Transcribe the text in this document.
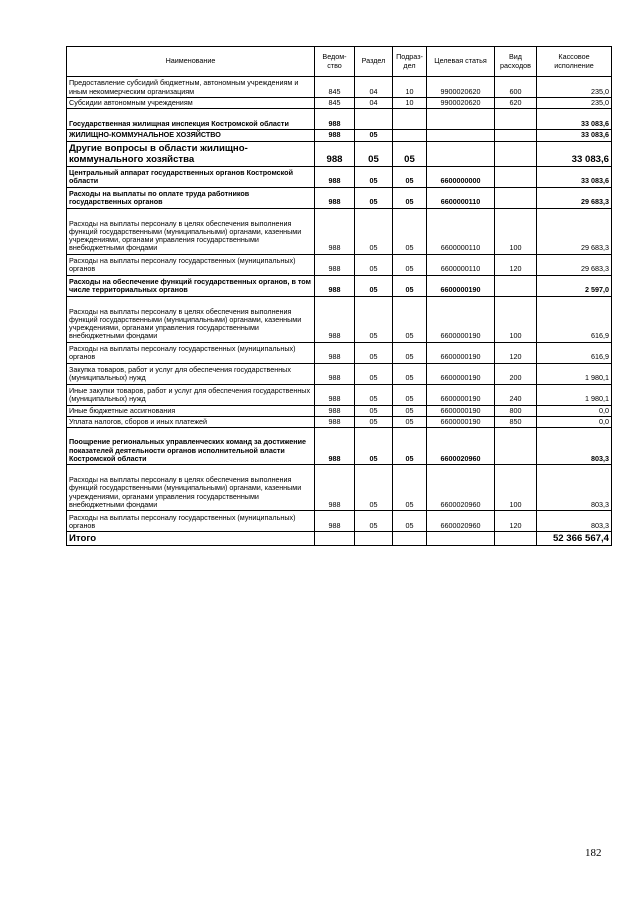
Наименование	Ведом-ство	Раздел	Подраз-дел	Целевая статья	Вид расходов	Кассовое исполнение
Предоставление субсидий бюджетным, автономным учреждениям и иным некоммерческим организациям	845	04	10	9900020620	600	235,0
Субсидии автономным учреждениям	845	04	10	9900020620	620	235,0
Государственная жилищная инспекция Костромской области	988					33 083,6
ЖИЛИЩНО-КОММУНАЛЬНОЕ ХОЗЯЙСТВО	988	05				33 083,6
Другие вопросы в области жилищно-коммунального хозяйства	988	05	05			33 083,6
Центральный аппарат государственных органов Костромской области	988	05	05	6600000000		33 083,6
Расходы на выплаты по оплате труда работников государственных органов	988	05	05	6600000110		29 683,3
Расходы на выплаты персоналу в целях обеспечения выполнения функций государственными (муниципальными) органами, казенными учреждениями, органами управления государственными внебюджетными фондами	988	05	05	6600000110	100	29 683,3
Расходы на выплаты персоналу государственных (муниципальных) органов	988	05	05	6600000110	120	29 683,3
Расходы на обеспечение функций государственных органов, в том числе территориальных органов	988	05	05	6600000190		2 597,0
Расходы на выплаты персоналу в целях обеспечения выполнения функций государственными (муниципальными) органами, казенными учреждениями, органами управления государственными внебюджетными фондами	988	05	05	6600000190	100	616,9
Расходы на выплаты персоналу государственных (муниципальных) органов	988	05	05	6600000190	120	616,9
Закупка товаров, работ и услуг для обеспечения государственных (муниципальных) нужд	988	05	05	6600000190	200	1 980,1
Иные закупки товаров, работ и услуг для обеспечения государственных (муниципальных) нужд	988	05	05	6600000190	240	1 980,1
Иные бюджетные ассигнования	988	05	05	6600000190	800	0,0
Уплата налогов, сборов и иных платежей	988	05	05	6600000190	850	0,0
Поощрение региональных управленческих команд за достижение показателей деятельности органов исполнительной власти Костромской области	988	05	05	6600020960		803,3
Расходы на выплаты персоналу в целях обеспечения выполнения функций государственными (муниципальными) органами, казенными учреждениями, органами управления государственными внебюджетными фондами	988	05	05	6600020960	100	803,3
Расходы на выплаты персоналу государственных (муниципальных) органов	988	05	05	6600020960	120	803,3
Итого						52 366 567,4
182
